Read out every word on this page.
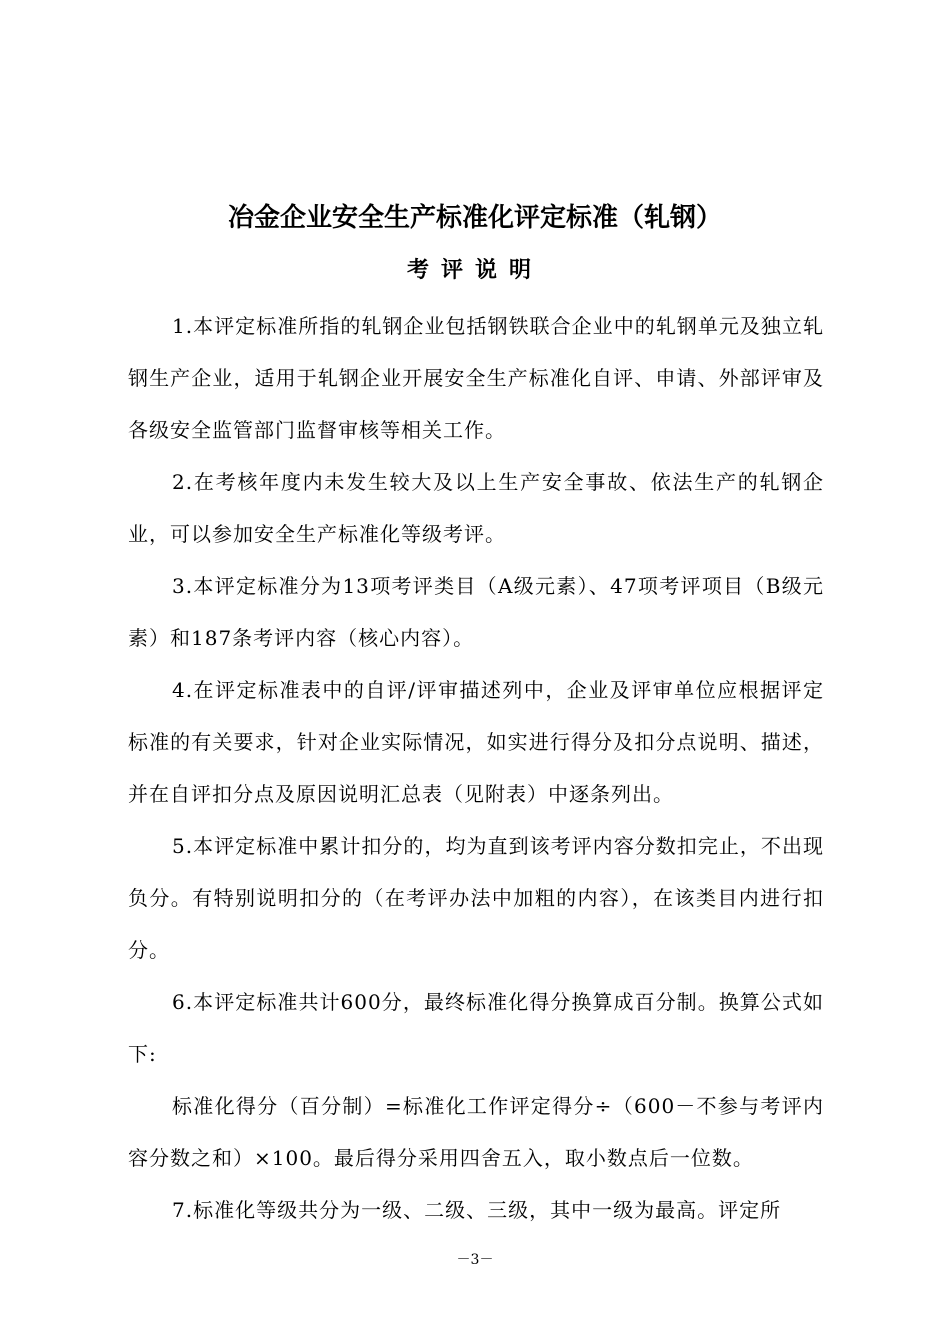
冶金企业安全生产标准化评定标准（轧钢）
考评说明

1.本评定标准所指的轧钢企业包括钢铁联合企业中的轧钢单元及独立轧钢生产企业，适用于轧钢企业开展安全生产标准化自评、申请、外部评审及各级安全监管部门监督审核等相关工作。

2.在考核年度内未发生较大及以上生产安全事故、依法生产的轧钢企业，可以参加安全生产标准化等级考评。

3.本评定标准分为13项考评类目（A级元素）、47项考评项目（B级元素）和187条考评内容（核心内容）。

4.在评定标准表中的自评/评审描述列中，企业及评审单位应根据评定标准的有关要求，针对企业实际情况，如实进行得分及扣分点说明、描述，并在自评扣分点及原因说明汇总表（见附表）中逐条列出。

5.本评定标准中累计扣分的，均为直到该考评内容分数扣完止，不出现负分。有特别说明扣分的（在考评办法中加粗的内容），在该类目内进行扣分。

6.本评定标准共计600分，最终标准化得分换算成百分制。换算公式如下:

标准化得分（百分制）=标准化工作评定得分÷（600－不参与考评内容分数之和）×100。最后得分采用四舍五入，取小数点后一位数。

7.标准化等级共分为一级、二级、三级，其中一级为最高。评定所

－3－
